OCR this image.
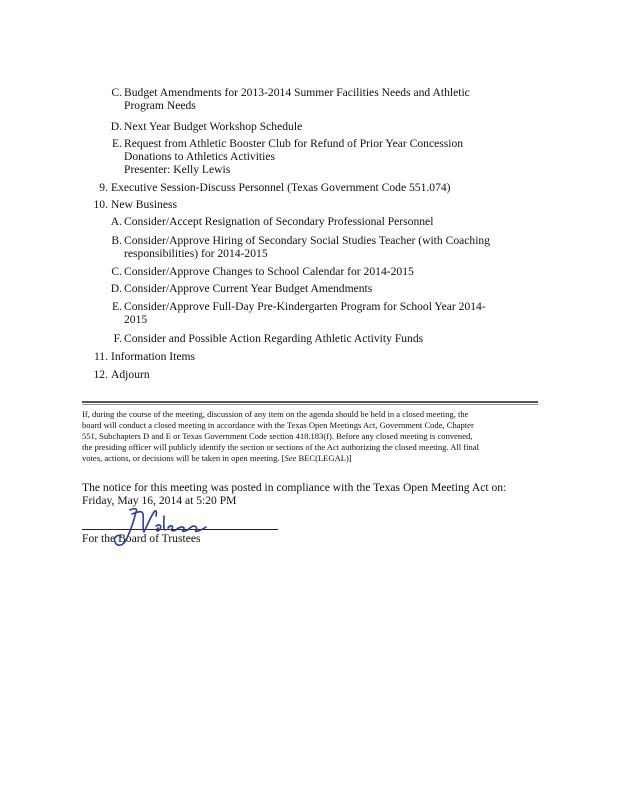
C. Budget Amendments for 2013-2014 Summer Facilities Needs and Athletic
Program Needs
D. Next Year Budget Workshop Schedule
E. Request from Athletic Booster Club for Refund of Prior Year Concession
Donations to Athletics Activities
Presenter: Kelly Lewis
9. Executive Session-Discuss Personnel (Texas Government Code 551.074)
10. New Business
A. Consider/Accept Resignation of Secondary Professional Personnel
B. Consider/Approve Hiring of Secondary Social Studies Teacher (with Coaching
responsibilities) for 2014-2015
C. Consider/Approve Changes to School Calendar for 2014-2015
D. Consider/Approve Current Year Budget Amendments
E. Consider/Approve Full-Day Pre-Kindergarten Program for School Year 2014-
2015
F. Consider and Possible Action Regarding Athletic Activity Funds
11. Information Items
12. Adjourn
If, during the course of the meeting, discussion of any item on the agenda should be held in a closed meeting, the
board will conduct a closed meeting in accordance with the Texas Open Meetings Act, Government Code, Chapter
551, Subchapters D and E or Texas Government Code section 418.183(f). Before any closed meeting is convened,
the presiding officer will publicly identify the section or sections of the Act authorizing the closed meeting. All final
votes, actions, or decisions will be taken in open meeting. [See BEC(LEGAL)]
The notice for this meeting was posted in compliance with the Texas Open Meeting Act on:
Friday, May 16, 2014 at 5:20 PM
For the Board of Trustees
